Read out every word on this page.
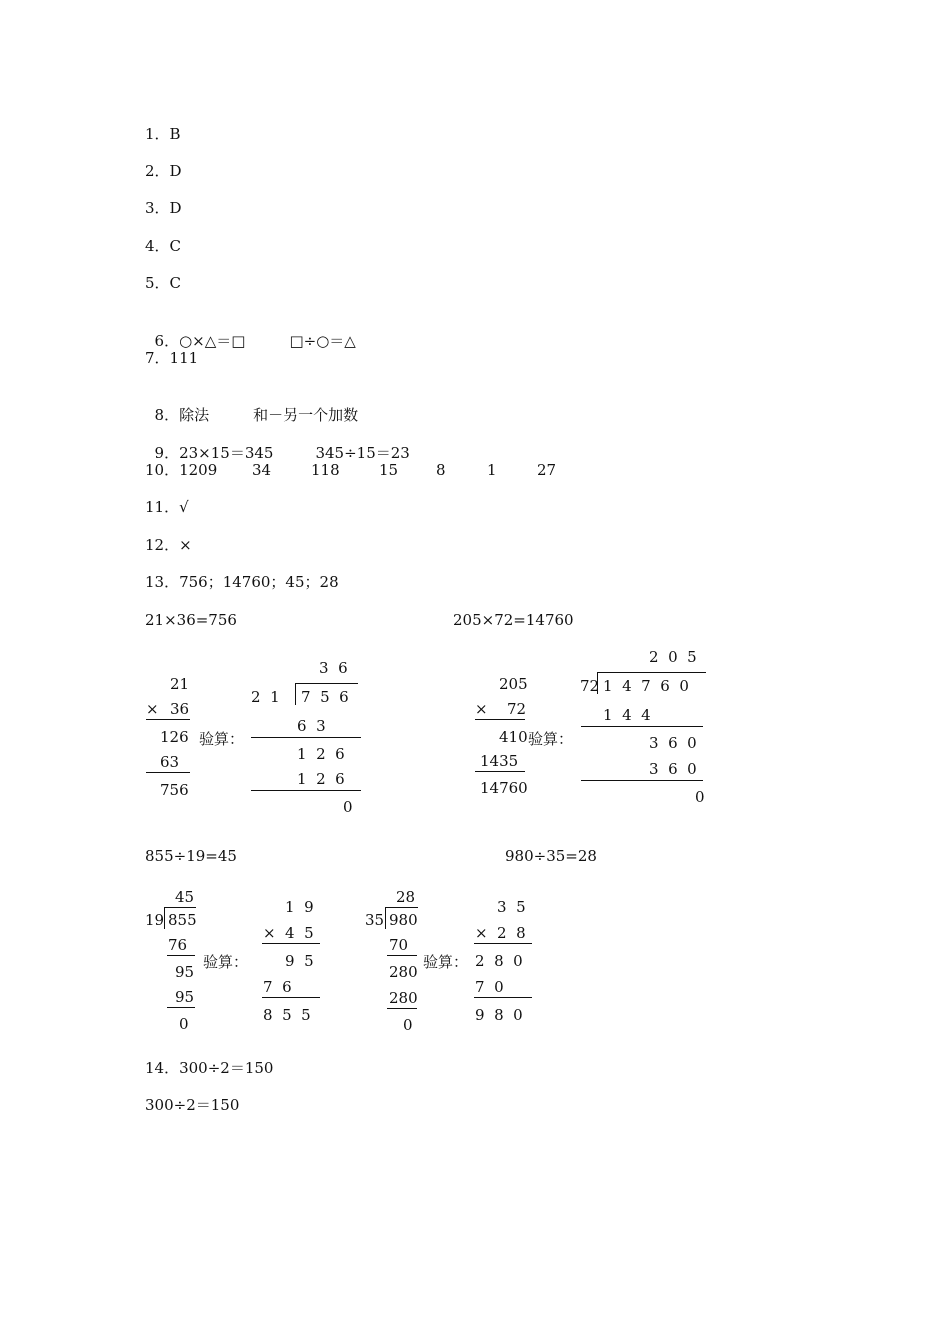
1．B
2．D
3．D
4．C
5．C

6．○×△＝□	□÷○＝△

7．111

8．除法	和－另一个加数

9．23×15＝345	345÷15＝23

10．1209

34

	118

	15

	8

	1

	27

11．√
12．×
13．756；14760；45；28
21×36=756	205×72=14760
21
× 36
126
63
756
验算：
3  6
2  1 7  5  6
6  3
1  2  6
1  2  6
0
205
× 72
410
1435
14760
验算：
2  0  5
72 1  4  7  6  0
1  4  4
3  6  0
3  6  0
0
855÷19=45	980÷35=28
45
19 855
76
95
95
0
验算：
1  9
× 4  5
9  5
7  6
8  5  5
28
35 980
70
280
280
0
验算：
3  5
× 2  8
2  8  0
7  0
9  8  0
14．300÷2＝150
300÷2＝150
